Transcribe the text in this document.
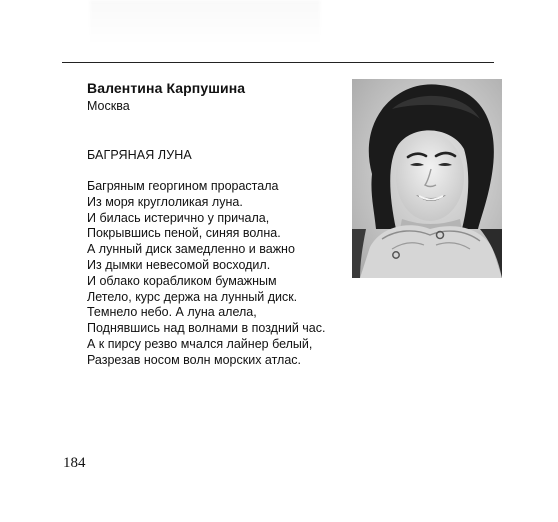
Валентина Карпушина
Москва
БАГРЯНАЯ ЛУНА
Багряным георгином прорастала
Из моря круглоликая луна.
И билась истерично у причала,
Покрывшись пеной, синяя волна.
А лунный диск замедленно и важно
Из дымки невесомой восходил.
И облако корабликом бумажным
Летело, курс держа на лунный диск.
Темнело небо. А луна алела,
Поднявшись над волнами в поздний час.
А к пирсу резво мчался лайнер белый,
Разрезав носом волн морских атлас.
184
